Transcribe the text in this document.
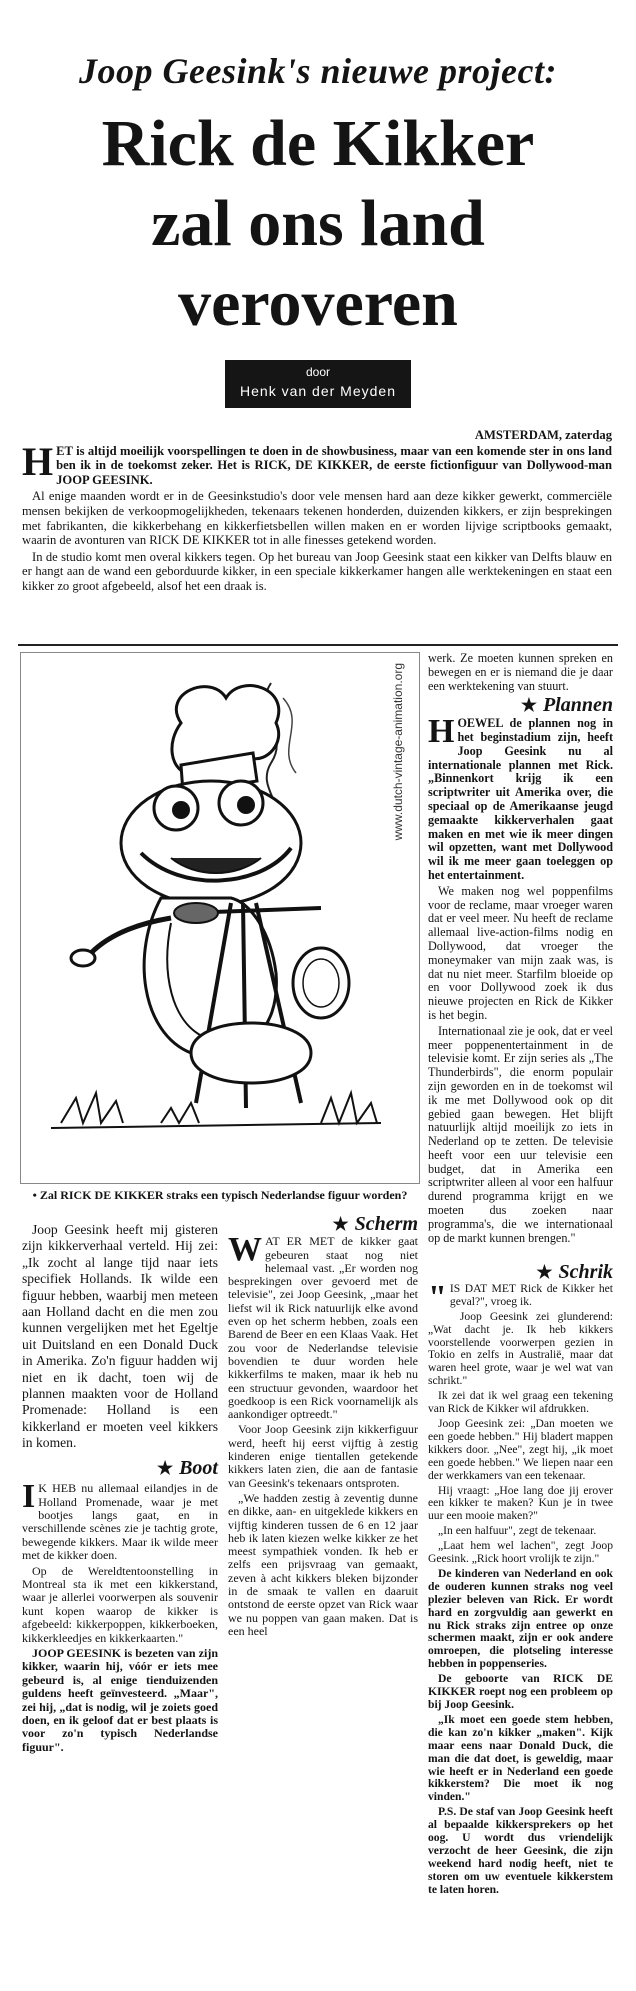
Joop Geesink's nieuwe project:
Rick de Kikker
zal ons land
veroveren
door
Henk van der Meyden
AMSTERDAM, zaterdag

HET is altijd moeilijk voorspellingen te doen in de showbusiness, maar van een komende ster in ons land ben ik in de toekomst zeker. Het is RICK, DE KIKKER, de eerste fictionfiguur van Dollywood-man JOOP GEESINK.

Al enige maanden wordt er in de Geesinkstudio's door vele mensen hard aan deze kikker gewerkt, commerciële mensen bekijken de verkoopmogelijkheden, tekenaars tekenen honderden, duizenden kikkers, er zijn besprekingen met fabrikanten, die kikkerbehang en kikkerfietsbellen willen maken en er worden lijvige scriptbooks gemaakt, waarin de avonturen van RICK DE KIKKER tot in alle finesses getekend worden.

In de studio komt men overal kikkers tegen. Op het bureau van Joop Geesink staat een kikker van Delfts blauw en er hangt aan de wand een geborduurde kikker, in een speciale kikkerkamer hangen alle werktekeningen en staat een kikker zo groot afgebeeld, alsof het een draak is.

www.dutch-vintage-animation.org
• Zal RICK DE KIKKER straks een typisch Nederlandse figuur worden?

werk. Ze moeten kunnen spreken en bewegen en er is niemand die je daar een werktekening van stuurt.

★ Plannen

HOEWEL de plannen nog in het beginstadium zijn, heeft Joop Geesink nu al internationale plannen met Rick. „Binnenkort krijg ik een scriptwriter uit Amerika over, die speciaal op de Amerikaanse jeugd gemaakte kikkerverhalen gaat maken en met wie ik meer dingen wil opzetten, want met Dollywood wil ik me meer gaan toeleggen op het entertainment.

We maken nog wel poppenfilms voor de reclame, maar vroeger waren dat er veel meer. Nu heeft de reclame allemaal live-action-films nodig en Dollywood, dat vroeger the moneymaker van mijn zaak was, is dat nu niet meer. Starfilm bloeide op en voor Dollywood zoek ik dus nieuwe projecten en Rick de Kikker is het begin.

Internationaal zie je ook, dat er veel meer poppenentertainment in de televisie komt. Er zijn series als „The Thunderbirds", die enorm populair zijn geworden en in de toekomst wil ik me met Dollywood ook op dit gebied gaan bewegen. Het blijft natuurlijk altijd moeilijk zo iets in Nederland op te zetten. De televisie heeft voor een uur televisie een budget, dat in Amerika een scriptwriter alleen al voor een halfuur durend programma krijgt en we moeten dus zoeken naar programma's, die we internationaal op de markt kunnen brengen."

Joop Geesink heeft mij gisteren zijn kikkerverhaal verteld. Hij zei: „Ik zocht al lange tijd naar iets specifiek Hollands. Ik wilde een figuur hebben, waarbij men meteen aan Holland dacht en die men zou kunnen vergelijken met het Egeltje uit Duitsland en een Donald Duck in Amerika. Zo'n figuur hadden wij niet en ik dacht, toen wij de plannen maakten voor de Holland Promenade: Holland is een kikkerland er moeten veel kikkers in komen.

★ Boot

I K HEB nu allemaal eilandjes in de Holland Promenade, waar je met bootjes langs gaat, en in verschillende scènes zie je tachtig grote, bewegende kikkers. Maar ik wilde meer met de kikker doen.

Op de Wereldtentoonstelling in Montreal sta ik met een kikkerstand, waar je allerlei voorwerpen als souvenir kunt kopen waarop de kikker is afgebeeld: kikkerpoppen, kikkerboeken, kikkerkleedjes en kikkerkaarten."

JOOP GEESINK is bezeten van zijn kikker, waarin hij, vóór er iets mee gebeurd is, al enige tienduizenden guldens heeft geïnvesteerd. „Maar", zei hij, „dat is nodig, wil je zoiets goed doen, en ik geloof dat er best plaats is voor zo'n typisch Nederlandse figuur".

★ Scherm

WAT ER MET de kikker gaat gebeuren staat nog niet helemaal vast. „Er worden nog besprekingen over gevoerd met de televisie", zei Joop Geesink, „maar het liefst wil ik Rick natuurlijk elke avond even op het scherm hebben, zoals een Barend de Beer en een Klaas Vaak. Het zou voor de Nederlandse televisie bovendien te duur worden hele kikkerfilms te maken, maar ik heb nu een structuur gevonden, waardoor het goedkoop is een Rick voornamelijk als aankondiger optreedt."

Voor Joop Geesink zijn kikkerfiguur werd, heeft hij eerst vijftig à zestig kinderen enige tientallen getekende kikkers laten zien, die aan de fantasie van Geesink's tekenaars ontsproten.

„We hadden zestig à zeventig dunne en dikke, aan- en uitgeklede kikkers en vijftig kinderen tussen de 6 en 12 jaar heb ik laten kiezen welke kikker ze het meest sympathiek vonden. Ik heb er zelfs een prijsvraag van gemaakt, zeven à acht kikkers bleken bijzonder in de smaak te vallen en daaruit ontstond de eerste opzet van Rick waar we nu poppen van gaan maken. Dat is een heel

★ Schrik

" IS DAT MET Rick de Kikker het geval?", vroeg ik.

Joop Geesink zei glunderend: „Wat dacht je. Ik heb kikkers voorstellende voorwerpen gezien in Tokio en zelfs in Australië, maar dat waren heel grote, waar je wel wat van schrikt."

Ik zei dat ik wel graag een tekening van Rick de Kikker wil afdrukken.

Joop Geesink zei: „Dan moeten we een goede hebben." Hij bladert mappen kikkers door. „Nee", zegt hij, „ik moet een goede hebben." We liepen naar een der werkkamers van een tekenaar.

Hij vraagt: „Hoe lang doe jij erover een kikker te maken? Kun je in twee uur een mooie maken?"

„In een halfuur", zegt de tekenaar.

„Laat hem wel lachen", zegt Joop Geesink. „Rick hoort vrolijk te zijn."

De kinderen van Nederland en ook de ouderen kunnen straks nog veel plezier beleven van Rick. Er wordt hard en zorgvuldig aan gewerkt en nu Rick straks zijn entree op onze schermen maakt, zijn er ook andere omroepen, die plotseling interesse hebben in poppenseries.

De geboorte van RICK DE KIKKER roept nog een probleem op bij Joop Geesink.

„Ik moet een goede stem hebben, die kan zo'n kikker „maken". Kijk maar eens naar Donald Duck, die man die dat doet, is geweldig, maar wie heeft er in Nederland een goede kikkerstem? Die moet ik nog vinden."

P.S. De staf van Joop Geesink heeft al bepaalde kikkersprekers op het oog. U wordt dus vriendelijk verzocht de heer Geesink, die zijn weekend hard nodig heeft, niet te storen om uw eventuele kikkerstem te laten horen.
